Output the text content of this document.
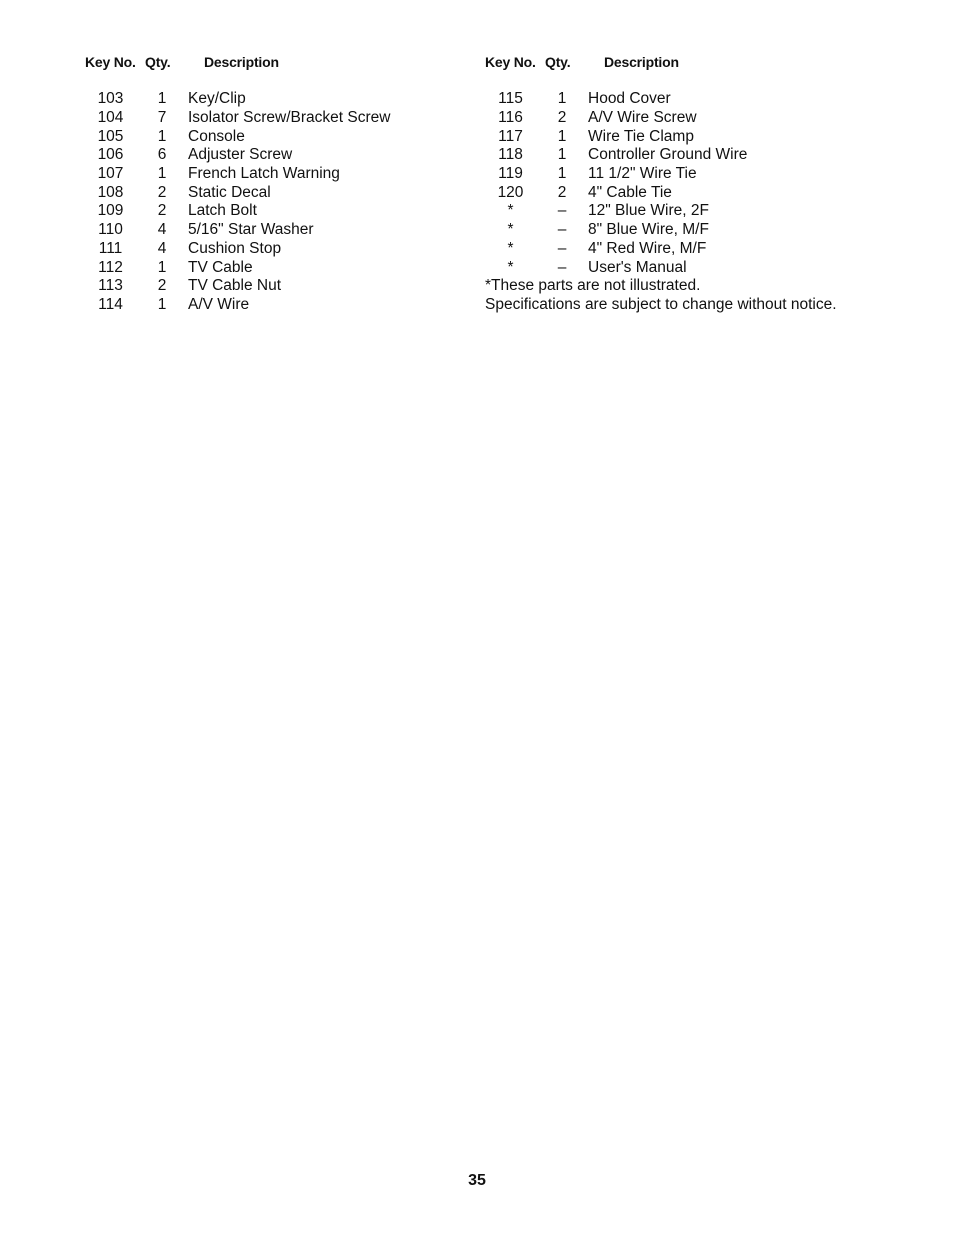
Key No. Qty.	Description
103	1	Key/Clip
104	7	Isolator Screw/Bracket Screw
105	1	Console
106	6	Adjuster Screw
107	1	French Latch Warning
108	2	Static Decal
109	2	Latch Bolt
110	4	5/16" Star Washer
111	4	Cushion Stop
112	1	TV Cable
113	2	TV Cable Nut
114	1	A/V Wire
Key No. Qty.	Description
115	1	Hood Cover
116	2	A/V Wire Screw
117	1	Wire Tie Clamp
118	1	Controller Ground Wire
119	1	11 1/2" Wire Tie
120	2	4" Cable Tie
*	–	12" Blue Wire, 2F
*	–	8" Blue Wire, M/F
*	–	4" Red Wire, M/F
*	–	User's Manual
*These parts are not illustrated.
Specifications are subject to change without notice.
35
